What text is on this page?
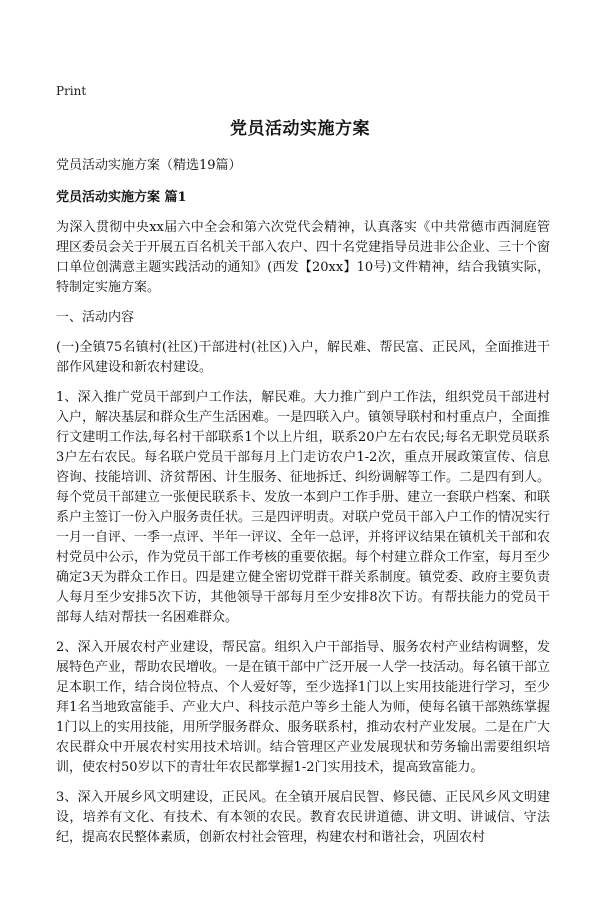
Print
党员活动实施方案

党员活动实施方案（精选19篇）

党员活动实施方案 篇1

为深入贯彻中央xx届六中全会和第六次党代会精神，认真落实《中共常德市西洞庭管理区委员会关于开展五百名机关干部入农户、四十名党建指导员进非公企业、三十个窗口单位创满意主题实践活动的通知》(西发【20xx】10号)文件精神，结合我镇实际，特制定实施方案。

一、活动内容

(一)全镇75名镇村(社区)干部进村(社区)入户，解民难、帮民富、正民风，全面推进干部作风建设和新农村建设。

1、深入推广党员干部到户工作法，解民难。大力推广到户工作法，组织党员干部进村入户，解决基层和群众生产生活困难。一是四联入户。镇领导联村和村重点户，全面推行文建明工作法,每名村干部联系1个以上片组，联系20户左右农民;每名无职党员联系3户左右农民。每名联户党员干部每月上门走访农户1-2次，重点开展政策宣传、信息咨询、技能培训、济贫帮困、计生服务、征地拆迁、纠纷调解等工作。二是四有到人。每个党员干部建立一张便民联系卡、发放一本到户工作手册、建立一套联户档案、和联系户主签订一份入户服务责任状。三是四评明责。对联户党员干部入户工作的情况实行一月一自评、一季一点评、半年一评议、全年一总评，并将评议结果在镇机关干部和农村党员中公示，作为党员干部工作考核的重要依据。每个村建立群众工作室，每月至少确定3天为群众工作日。四是建立健全密切党群干群关系制度。镇党委、政府主要负责人每月至少安排5次下访，其他领导干部每月至少安排8次下访。有帮扶能力的党员干部每人结对帮扶一名困难群众。

2、深入开展农村产业建设，帮民富。组织入户干部指导、服务农村产业结构调整，发展特色产业，帮助农民增收。一是在镇干部中广泛开展一人学一技活动。每名镇干部立足本职工作，结合岗位特点、个人爱好等，至少选择1门以上实用技能进行学习，至少拜1名当地致富能手、产业大户、科技示范户等乡土能人为师，使每名镇干部熟练掌握1门以上的实用技能，用所学服务群众、服务联系村，推动农村产业发展。二是在广大农民群众中开展农村实用技术培训。结合管理区产业发展现状和劳务输出需要组织培训，使农村50岁以下的青壮年农民都掌握1-2门实用技术，提高致富能力。

3、深入开展乡风文明建设，正民风。在全镇开展启民智、修民德、正民风乡风文明建设，培养有文化、有技术、有本领的农民。教育农民讲道德、讲文明、讲诚信、守法纪，提高农民整体素质，创新农村社会管理，构建农村和谐社会，巩固农村
